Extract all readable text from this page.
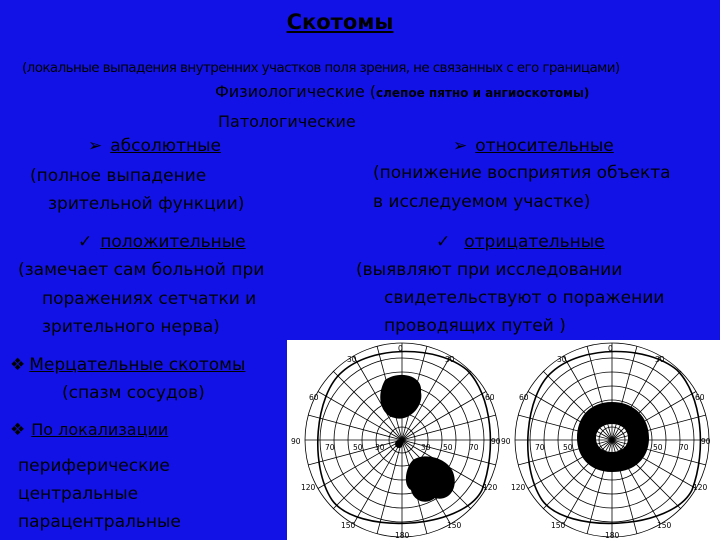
Скотомы
(локальные выпадения внутренних участков поля зрения, не связанных с его границами)
Физиологические (слепое пятно и ангиоскотомы)
Патологические
➢ абсолютные
(полное выпадение
зрительной функции)
✓ положительные
(замечает сам больной при
поражениях сетчатки и
зрительного нерва)
❖ Мерцательные скотомы
(спазм сосудов)
❖ По локализации
периферические
центральные
парацентральные
➢ относительные
(понижение восприятия объекта
в исследуемом участке)
✓ отрицательные
(выявляют при исследовании
свидетельствуют о поражении
проводящих путей )
0
30	30
60	60
90	90
70 50 30	30 50 70
120	120
150	150
180
0
30	30
60	60
90	90
70 50 30	30 50 70
120	120
150	150
180
